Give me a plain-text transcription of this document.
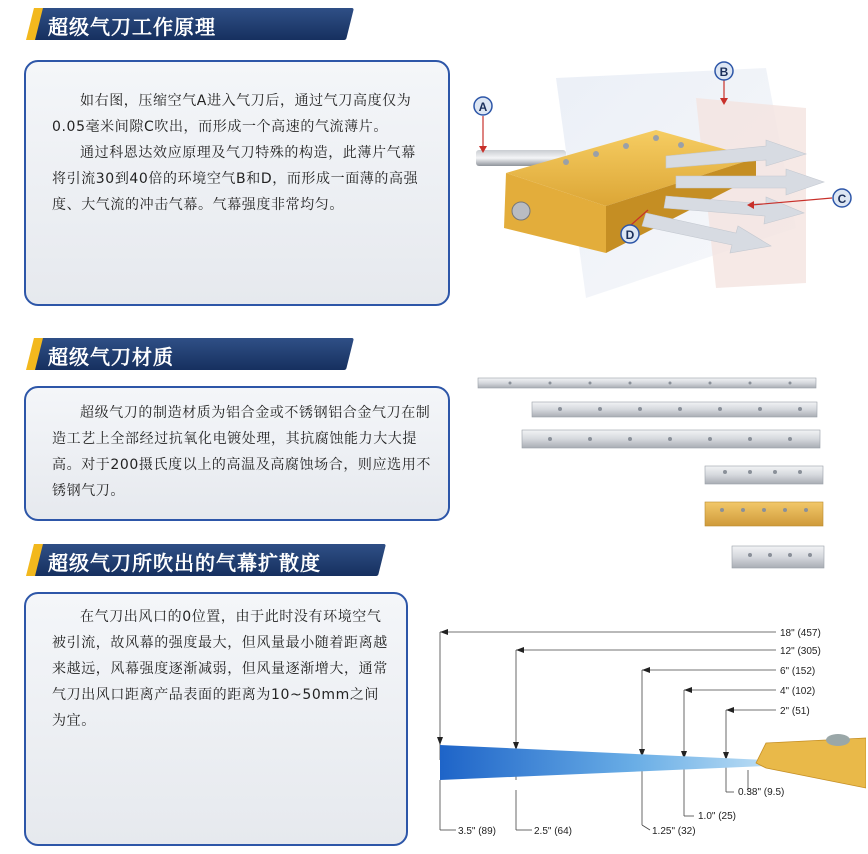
超级气刀工作原理

如右图，压缩空气A进入气刀后，通过气刀高度仅为0.05毫米间隙C吹出，而形成一个高速的气流薄片。

通过科恩达效应原理及气刀特殊的构造，此薄片气幕将引流30到40倍的环境空气B和D，而形成一面薄的高强度、大气流的冲击气幕。气幕强度非常均匀。

A
B
C
D
超级气刀材质

超级气刀的制造材质为铝合金或不锈钢铝合金气刀在制造工艺上全部经过抗氧化电镀处理，其抗腐蚀能力大大提高。对于200摄氏度以上的高温及高腐蚀场合，则应选用不锈钢气刀。

超级气刀所吹出的气幕扩散度

在气刀出风口的0位置，由于此时没有环境空气被引流，故风幕的强度最大，但风量最小随着距离越来越远，风幕强度逐渐减弱，但风量逐渐增大，通常气刀出风口距离产品表面的距离为10~50mm之间为宜。

18" (457)
12" (305)
6" (152)
4" (102)
2" (51)
0.38" (9.5)
1.0" (25)
3.5" (89)	2.5" (64)	1.25" (32)
